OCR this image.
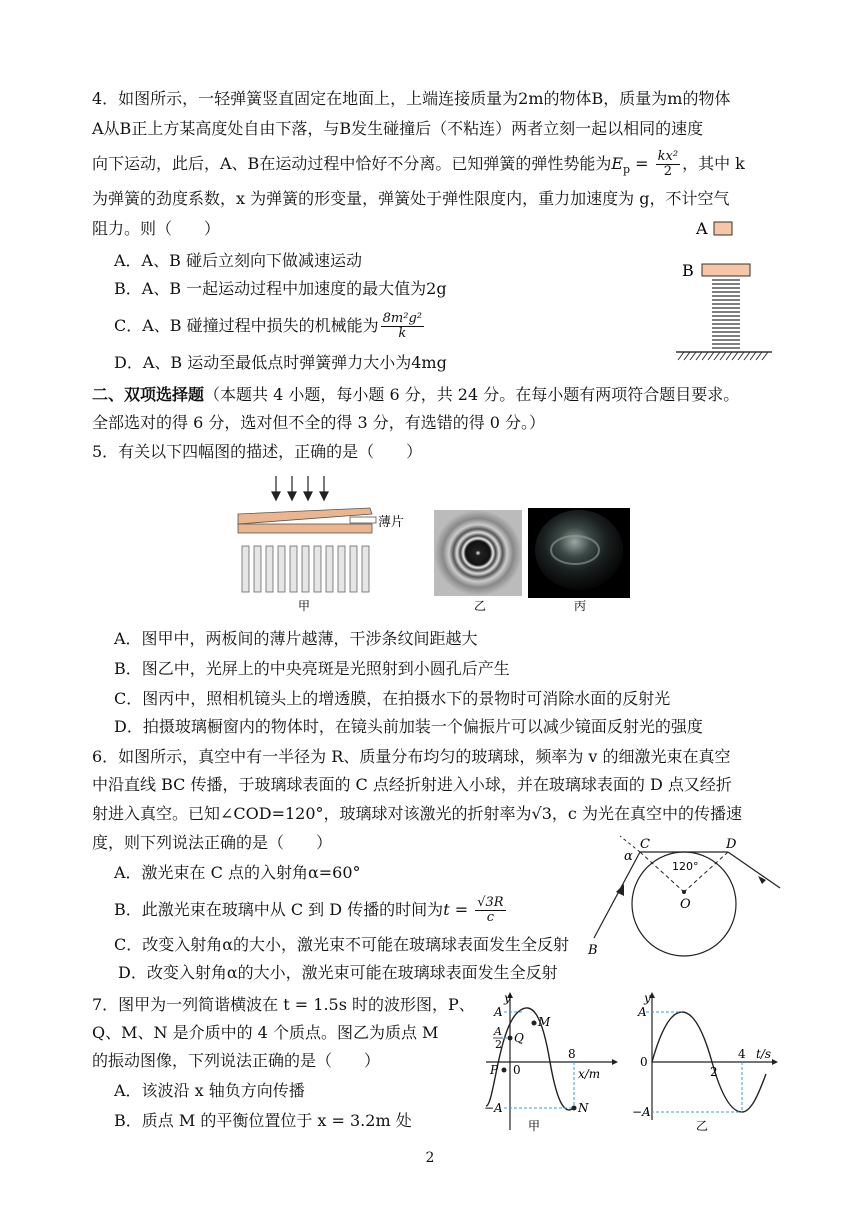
4．如图所示，一轻弹簧竖直固定在地面上，上端连接质量为2m的物体B，质量为m的物体
A从B正上方某高度处自由下落，与B发生碰撞后（不粘连）两者立刻一起以相同的速度
向下运动，此后，A、B在运动过程中恰好不分离。已知弹簧的弹性势能为$E_p = \frac{\text{kx²}}{2}$ ，其中 k
为弹簧的劲度系数，x 为弹簧的形变量，弹簧处于弹性限度内，重力加速度为 g，不计空气
阻力。则（　　）
A．A、B 碰后立刻向下做减速运动
B．A、B 一起运动过程中加速度的最大值为2g
C．A、B 碰撞过程中损失的机械能为 $\frac{\text{8m²g²}}{k}$
D．A、B 运动至最低点时弹簧弹力大小为4mg
A
B
二、双项选择题（本题共 4 小题，每小题 6 分，共 24 分。在每小题有两项符合题目要求。
全部选对的得 6 分，选对但不全的得 3 分，有选错的得 0 分。）
5．有关以下四幅图的描述，正确的是（　　）
薄片
甲	乙	丙
A．图甲中，两板间的薄片越薄，干涉条纹间距越大
B．图乙中，光屏上的中央亮斑是光照射到小圆孔后产生
C．图丙中，照相机镜头上的增透膜，在拍摄水下的景物时可消除水面的反射光
D．拍摄玻璃橱窗内的物体时，在镜头前加装一个偏振片可以减少镜面反射光的强度
6．如图所示，真空中有一半径为 R、质量分布均匀的玻璃球，频率为 v 的细激光束在真空
中沿直线 BC 传播，于玻璃球表面的 C 点经折射进入小球，并在玻璃球表面的 D 点又经折
射进入真空。已知∠COD=120°，玻璃球对该激光的折射率为√3，c 为光在真空中的传播速
度，则下列说法正确的是（　　）
A．激光束在 C 点的入射角α=60°
B．此激光束在玻璃中从 C 到 D 传播的时间为$t = \frac{√3R}{c}$
C．改变入射角α的大小，激光束不可能在玻璃球表面发生全反射
D．改变入射角α的大小，激光束可能在玻璃球表面发生全反射
C	D
O
B
α
120°
7．图甲为一列简谐横波在 t = 1.5s 时的波形图，P、
Q、M、N 是介质中的 4 个质点。图乙为质点 M
的振动图像，下列说法正确的是（　　）
A．该波沿 x 轴负方向传播
B．质点 M 的平衡位置位于 x = 3.2m 处
y
A
A
2 Q
M
P 0
8
x/m
N
−A
甲
y
A
0
2
4 t/s
−A
乙
2
